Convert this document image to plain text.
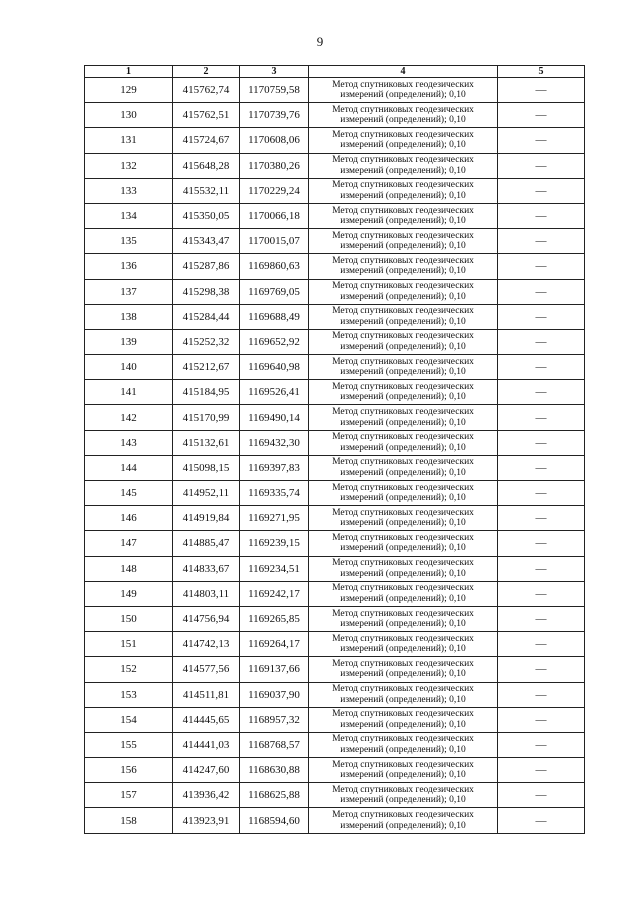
9
1	2	3	4	5
129	415762,74	1170759,58	Метод спутниковых геодезических
измерений (определений); 0,10	—
130	415762,51	1170739,76	Метод спутниковых геодезических
измерений (определений); 0,10	—
131	415724,67	1170608,06	Метод спутниковых геодезических
измерений (определений); 0,10	—
132	415648,28	1170380,26	Метод спутниковых геодезических
измерений (определений); 0,10	—
133	415532,11	1170229,24	Метод спутниковых геодезических
измерений (определений); 0,10	—
134	415350,05	1170066,18	Метод спутниковых геодезических
измерений (определений); 0,10	—
135	415343,47	1170015,07	Метод спутниковых геодезических
измерений (определений); 0,10	—
136	415287,86	1169860,63	Метод спутниковых геодезических
измерений (определений); 0,10	—
137	415298,38	1169769,05	Метод спутниковых геодезических
измерений (определений); 0,10	—
138	415284,44	1169688,49	Метод спутниковых геодезических
измерений (определений); 0,10	—
139	415252,32	1169652,92	Метод спутниковых геодезических
измерений (определений); 0,10	—
140	415212,67	1169640,98	Метод спутниковых геодезических
измерений (определений); 0,10	—
141	415184,95	1169526,41	Метод спутниковых геодезических
измерений (определений); 0,10	—
142	415170,99	1169490,14	Метод спутниковых геодезических
измерений (определений); 0,10	—
143	415132,61	1169432,30	Метод спутниковых геодезических
измерений (определений); 0,10	—
144	415098,15	1169397,83	Метод спутниковых геодезических
измерений (определений); 0,10	—
145	414952,11	1169335,74	Метод спутниковых геодезических
измерений (определений); 0,10	—
146	414919,84	1169271,95	Метод спутниковых геодезических
измерений (определений); 0,10	—
147	414885,47	1169239,15	Метод спутниковых геодезических
измерений (определений); 0,10	—
148	414833,67	1169234,51	Метод спутниковых геодезических
измерений (определений); 0,10	—
149	414803,11	1169242,17	Метод спутниковых геодезических
измерений (определений); 0,10	—
150	414756,94	1169265,85	Метод спутниковых геодезических
измерений (определений); 0,10	—
151	414742,13	1169264,17	Метод спутниковых геодезических
измерений (определений); 0,10	—
152	414577,56	1169137,66	Метод спутниковых геодезических
измерений (определений); 0,10	—
153	414511,81	1169037,90	Метод спутниковых геодезических
измерений (определений); 0,10	—
154	414445,65	1168957,32	Метод спутниковых геодезических
измерений (определений); 0,10	—
155	414441,03	1168768,57	Метод спутниковых геодезических
измерений (определений); 0,10	—
156	414247,60	1168630,88	Метод спутниковых геодезических
измерений (определений); 0,10	—
157	413936,42	1168625,88	Метод спутниковых геодезических
измерений (определений); 0,10	—
158	413923,91	1168594,60	Метод спутниковых геодезических
измерений (определений); 0,10	—
